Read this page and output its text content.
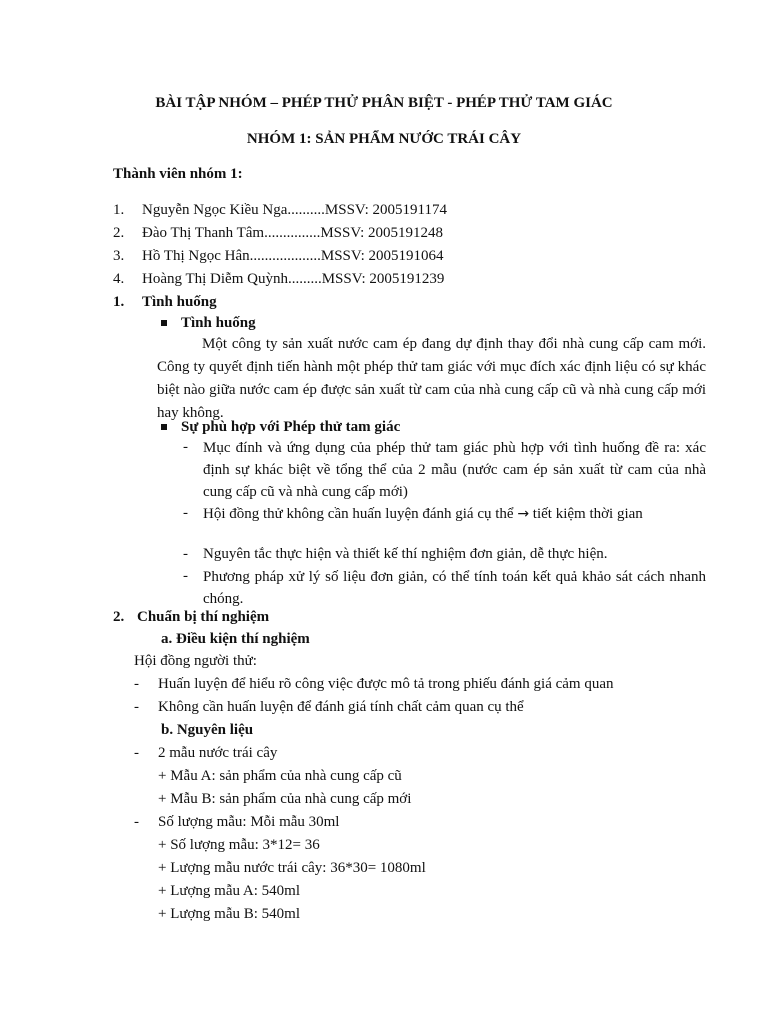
BÀI TẬP NHÓM – PHÉP THỬ PHÂN BIỆT - PHÉP THỬ TAM GIÁC
NHÓM 1: SẢN PHẨM NƯỚC TRÁI CÂY
Thành viên nhóm 1:
1. Nguyễn Ngọc Kiều Nga..........MSSV: 2005191174
2. Đào Thị Thanh Tâm...............MSSV: 2005191248
3. Hồ Thị Ngọc Hân...................MSSV: 2005191064
4. Hoàng Thị Diễm Quỳnh.........MSSV: 2005191239
1. Tình huống
Tình huống
Một công ty sản xuất nước cam ép đang dự định thay đổi nhà cung cấp cam mới. Công ty quyết định tiến hành một phép thử tam giác với mục đích xác định liệu có sự khác biệt nào giữa nước cam ép được sản xuất từ cam của nhà cung cấp cũ và nhà cung cấp mới hay không.
Sự phù hợp với Phép thử tam giác
- Mục đính và ứng dụng của phép thử tam giác phù hợp với tình huống đề ra: xác định sự khác biệt về tổng thể của 2 mẫu (nước cam ép sản xuất từ cam của nhà cung cấp cũ và nhà cung cấp mới)
- Hội đồng thử không cần huấn luyện đánh giá cụ thể → tiết kiệm thời gian
- Nguyên tắc thực hiện và thiết kế thí nghiệm đơn giản, dễ thực hiện.
- Phương pháp xử lý số liệu đơn giản, có thể tính toán kết quả khảo sát cách nhanh chóng.
2. Chuẩn bị thí nghiệm
a. Điều kiện thí nghiệm
Hội đồng người thử:
- Huấn luyện để hiểu rõ công việc được mô tả trong phiếu đánh giá cảm quan
- Không cần huấn luyện để đánh giá tính chất cảm quan cụ thể
b. Nguyên liệu
- 2 mẫu nước trái cây
+ Mẫu A: sản phẩm của nhà cung cấp cũ
+ Mẫu B: sản phẩm của nhà cung cấp mới
- Số lượng mẫu: Mỗi mẫu 30ml
+ Số lượng mẫu: 3*12= 36
+ Lượng mẫu nước trái cây: 36*30= 1080ml
+ Lượng mẫu A: 540ml
+ Lượng mẫu B: 540ml
